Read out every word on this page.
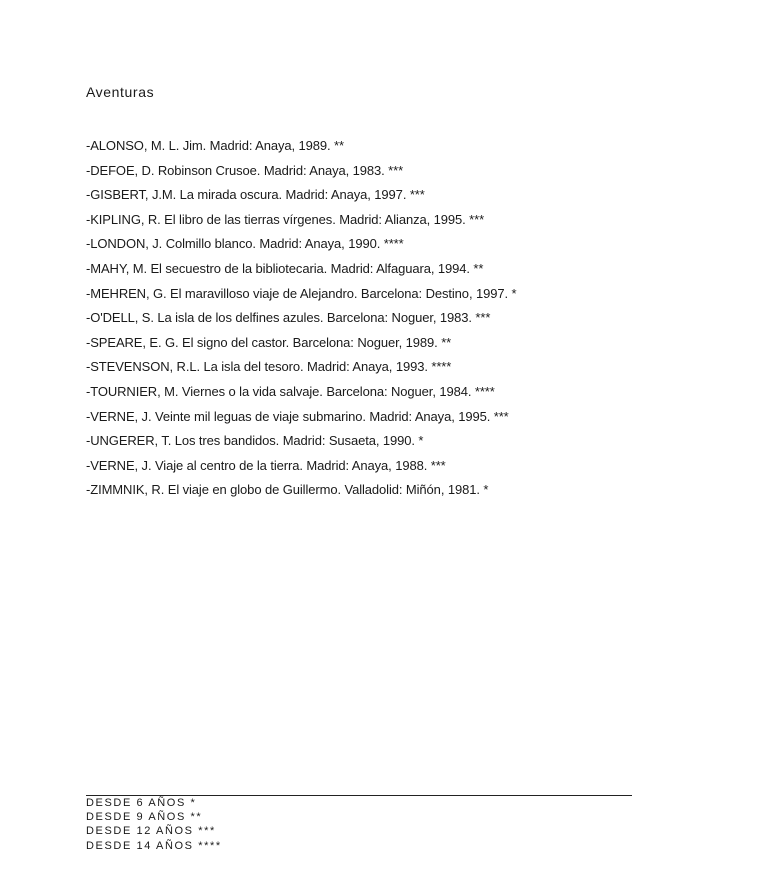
Aventuras
-ALONSO, M. L. Jim. Madrid: Anaya, 1989. **
-DEFOE, D. Robinson Crusoe. Madrid: Anaya, 1983. ***
-GISBERT, J.M. La mirada oscura. Madrid: Anaya, 1997. ***
-KIPLING, R. El libro de las tierras vírgenes. Madrid: Alianza, 1995. ***
-LONDON, J. Colmillo blanco. Madrid: Anaya, 1990. ****
-MAHY, M. El secuestro de la bibliotecaria. Madrid: Alfaguara, 1994. **
-MEHREN, G. El maravilloso viaje de Alejandro. Barcelona: Destino, 1997. *
-O'DELL, S. La isla de los delfines azules. Barcelona: Noguer, 1983. ***
-SPEARE, E. G. El signo del castor. Barcelona: Noguer, 1989. **
-STEVENSON, R.L. La isla del tesoro. Madrid: Anaya, 1993. ****
-TOURNIER, M. Viernes o la vida salvaje. Barcelona: Noguer, 1984. ****
-VERNE, J. Veinte mil leguas de viaje submarino. Madrid: Anaya, 1995. ***
-UNGERER, T. Los tres bandidos. Madrid: Susaeta, 1990. *
-VERNE, J. Viaje al centro de la tierra. Madrid: Anaya, 1988. ***
-ZIMMNIK, R. El viaje en globo de Guillermo. Valladolid: Miñón, 1981. *
DESDE 6 AÑOS *
DESDE 9 AÑOS **
DESDE 12 AÑOS ***
DESDE 14 AÑOS ****
